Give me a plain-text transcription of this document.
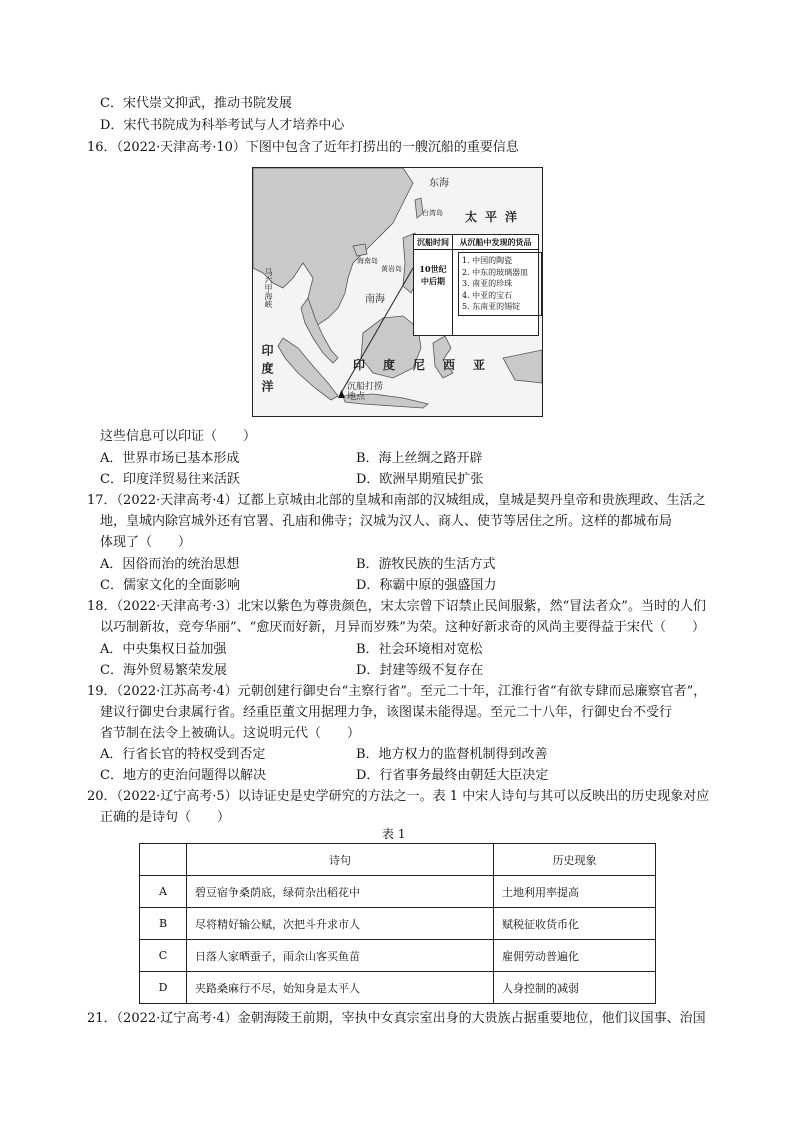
C．宋代崇文抑武，推动书院发展
D．宋代书院成为科举考试与人才培养中心
16．（2022·天津高考·10）下图中包含了近年打捞出的一艘沉船的重要信息
东海
台湾岛 太平洋
海南岛
黄岩岛
南海
马六甲海峡
印度洋	印度尼西亚
沉船打捞地点
沉船时间	从沉船中发现的货品
10世纪中后期
1. 中国的陶瓷
2. 中东的玻璃器皿
3. 南亚的珍珠
4. 中亚的宝石
5. 东南亚的锡锭
这些信息可以印证（　　）
A．世界市场已基本形成	B．海上丝绸之路开辟
C．印度洋贸易往来活跃	D．欧洲早期殖民扩张
17．（2022·天津高考·4）辽都上京城由北部的皇城和南部的汉城组成，皇城是契丹皇帝和贵族理政、生活之
地，皇城内除宫城外还有官署、孔庙和佛寺；汉城为汉人、商人、使节等居住之所。这样的都城布局
体现了（　　）
A．因俗而治的统治思想	B．游牧民族的生活方式
C．儒家文化的全面影响	D．称霸中原的强盛国力
18．（2022·天津高考·3）北宋以紫色为尊贵颜色，宋太宗曾下诏禁止民间服紫，然“冒法者众”。当时的人们
以巧制新妆，竞夸华丽”、“愈厌而好新，月异而岁殊”为荣。这种好新求奇的风尚主要得益于宋代（　　）
A．中央集权日益加强	B．社会环境相对宽松
C．海外贸易繁荣发展	D．封建等级不复存在
19．（2022·江苏高考·4）元朝创建行御史台“主察行省”。至元二十年，江淮行省“有欲专肆而忌廉察官者”，
建议行御史台隶属行省。经重臣董文用据理力争，该图谋未能得逞。至元二十八年，行御史台不受行
省节制在法令上被确认。这说明元代（　　）
A．行省长官的特权受到否定	B．地方权力的监督机制得到改善
C．地方的吏治问题得以解决	D．行省事务最终由朝廷大臣决定
20．（2022·辽宁高考·5）以诗证史是史学研究的方法之一。表 1 中宋人诗句与其可以反映出的历史现象对应
正确的是诗句（　　）
表 1
	诗句	历史现象
A	碧豆宿争桑荫底，绿荷杂出稻花中	土地利用率提高
B	尽将精好输公赋，次把斗升求市人	赋税征收货币化
C	日落人家晒蚕子，雨余山客买鱼苗	雇佣劳动普遍化
D	夹路桑麻行不尽，始知身是太平人	人身控制的减弱
21．（2022·辽宁高考·4）金朝海陵王前期，宰执中女真宗室出身的大贵族占据重要地位，他们议国事、治国
